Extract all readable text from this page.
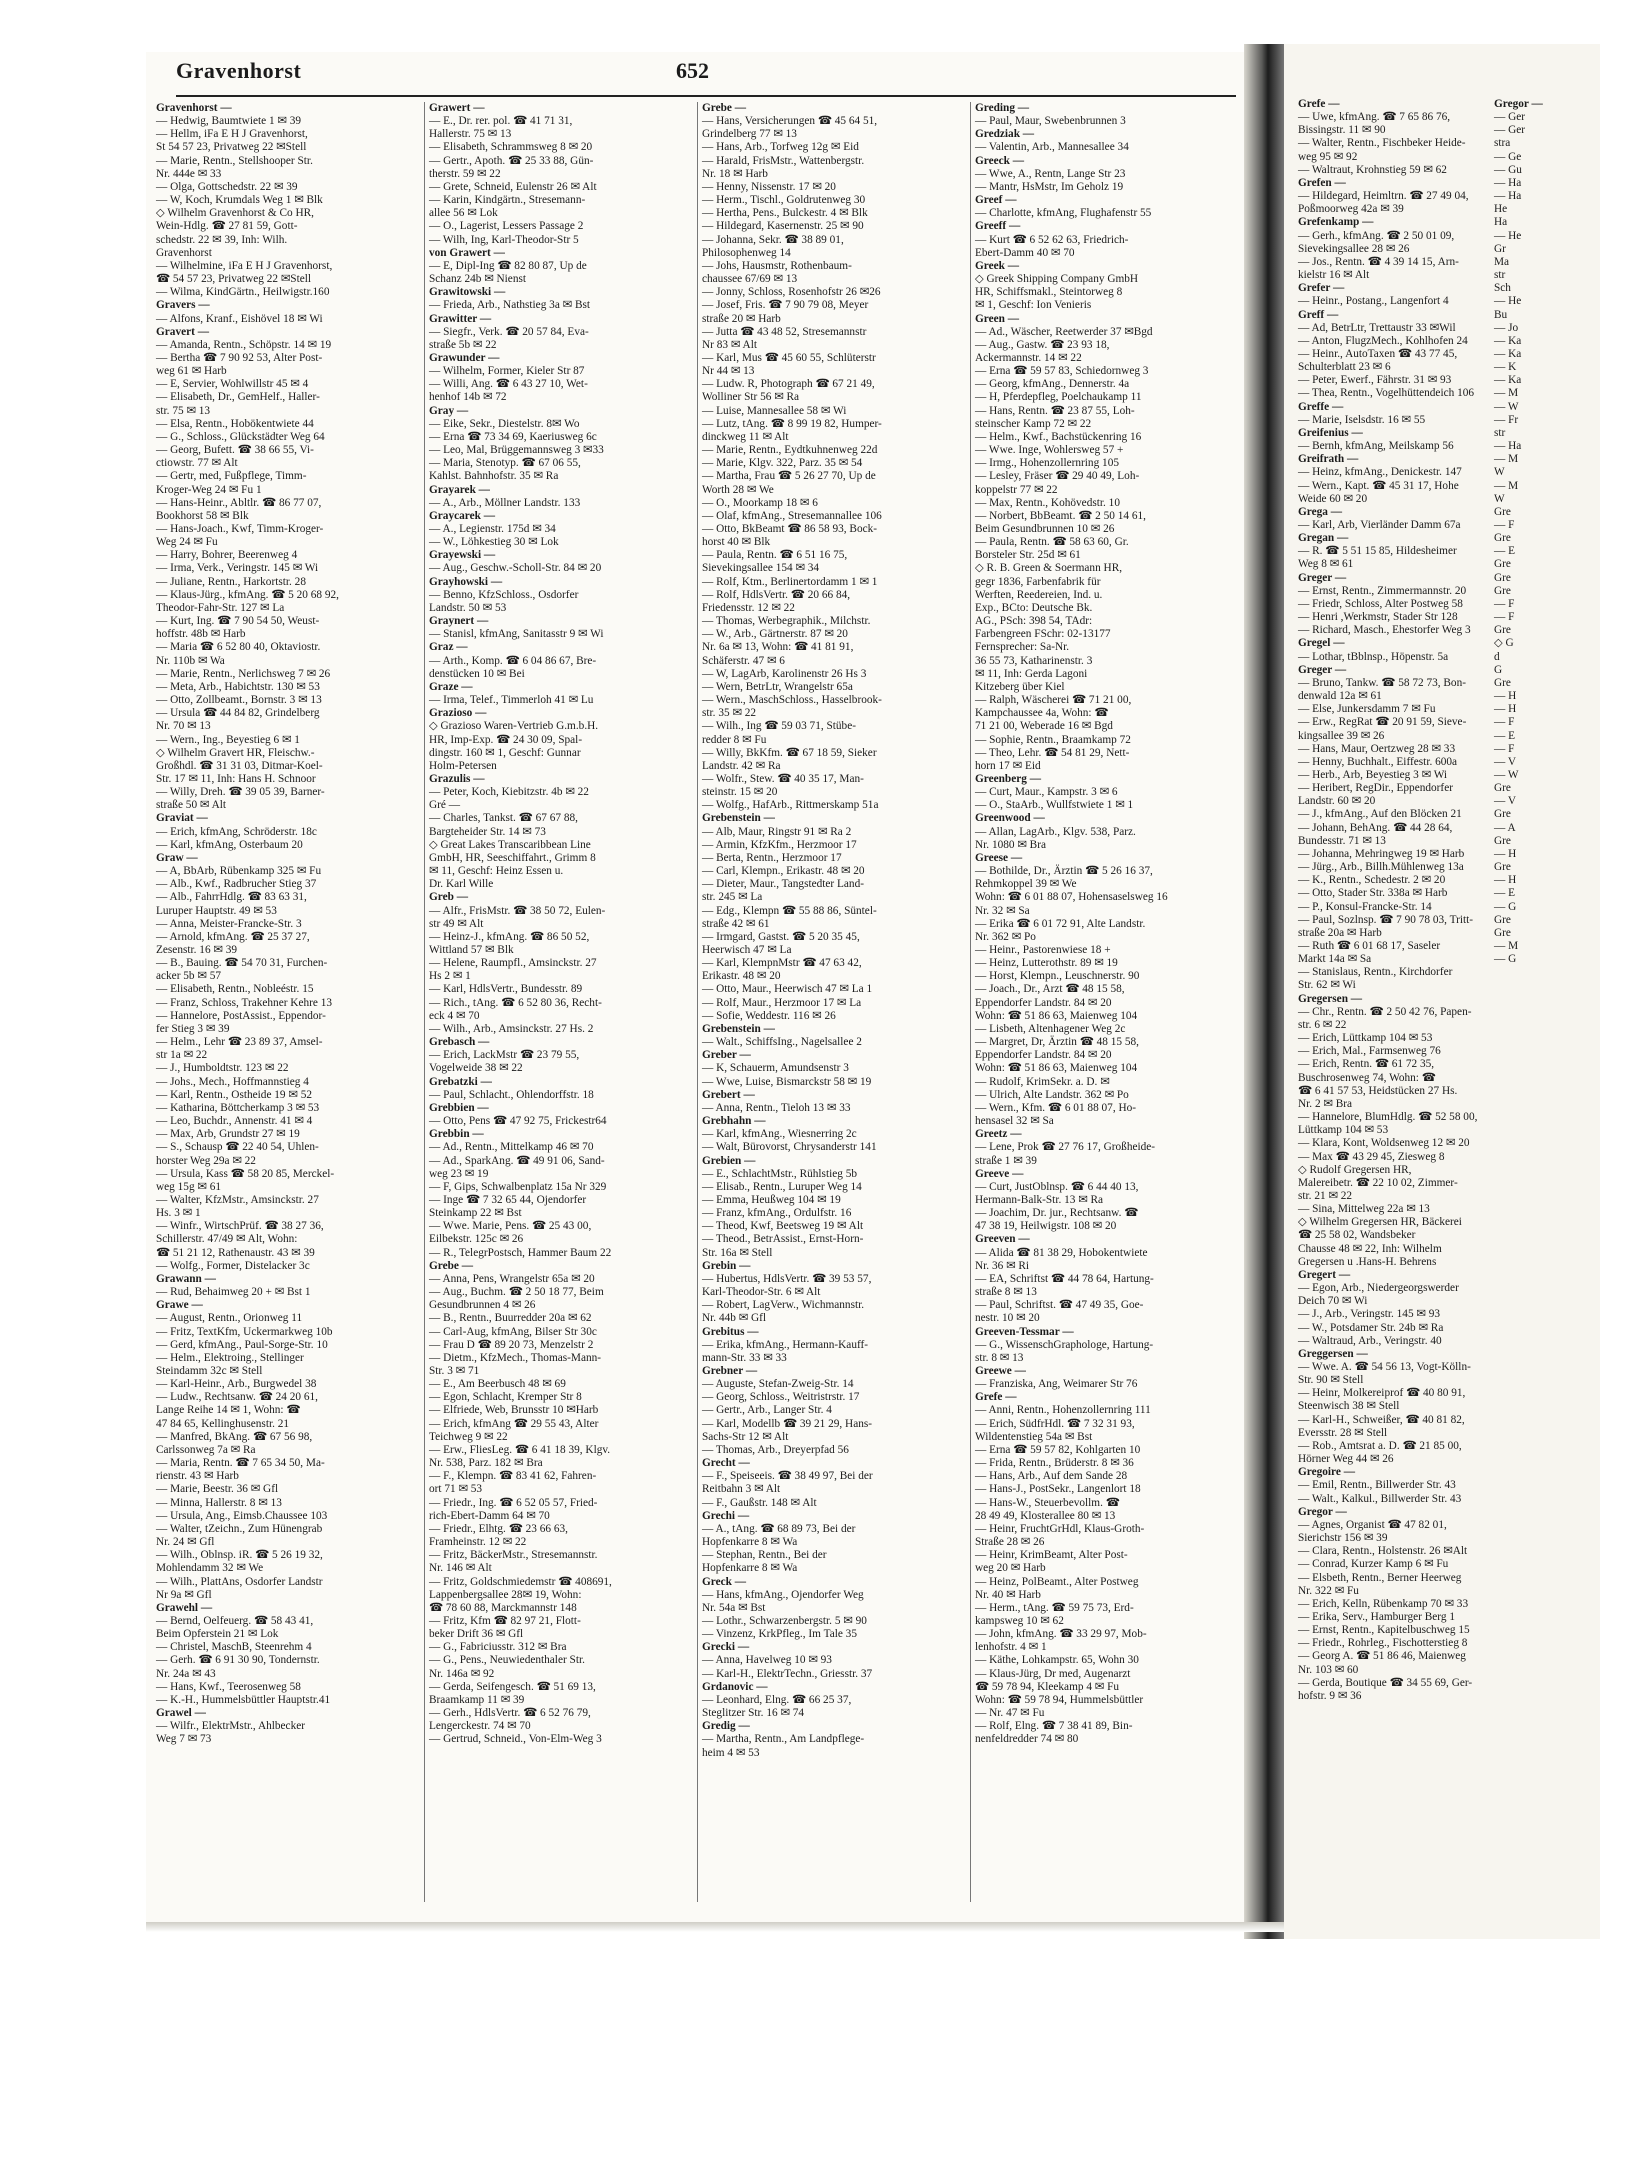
Grefe —
— Uwe, kfmAng. ☎ 7 65 86 76,
Bissingstr. 11 ✉ 90
— Walter, Rentn., Fischbeker Heide-
weg 95 ✉ 92
— Waltraut, Krohnstieg 59 ✉ 62
Grefen —
— Hildegard, Heimltrn. ☎ 27 49 04,
Poßmoorweg 42a ✉ 39
Grefenkamp —
— Gerh., kfmAng. ☎ 2 50 01 09,
Sievekingsallee 28 ✉ 26
— Jos., Rentn. ☎ 4 39 14 15, Arn-
kielstr 16 ✉ Alt
Grefer —
— Heinr., Postang., Langenfort 4
Greff —
— Ad, BetrLtr, Trettaustr 33 ✉Wil
— Anton, FlugzMech., Kohlhofen 24
— Heinr., AutoTaxen ☎ 43 77 45,
Schulterblatt 23 ✉ 6
— Peter, Ewerf., Fährstr. 31 ✉ 93
— Thea, Rentn., Vogelhüttendeich 106
Greffe —
— Marie, Iselsdstr. 16 ✉ 55
Greifenius —
— Bernh, kfmAng, Meilskamp 56
Greifrath —
— Heinz, kfmAng., Denickestr. 147
— Wern., Kapt. ☎ 45 31 17, Hohe
Weide 60 ✉ 20
Grega —
— Karl, Arb, Vierländer Damm 67a
Gregan —
— R. ☎ 5 51 15 85, Hildesheimer
Weg 8 ✉ 61
Greger —
— Ernst, Rentn., Zimmermannstr. 20
— Friedr, Schloss, Alter Postweg 58
— Henri ,Werkmstr, Stader Str 128
— Richard, Masch., Ehestorfer Weg 3
Gregel —
— Lothar, tBblnsp., Höpenstr. 5a
Greger —
— Bruno, Tankw. ☎ 58 72 73, Bon-
denwald 12a ✉ 61
— Else, Junkersdamm 7 ✉ Fu
— Erw., RegRat ☎ 20 91 59, Sieve-
kingsallee 39 ✉ 26
— Hans, Maur, Oertzweg 28 ✉ 33
— Henny, Buchhalt., Eiffestr. 600a
— Herb., Arb, Beyestieg 3 ✉ Wi
— Heribert, RegDir., Eppendorfer
Landstr. 60 ✉ 20
— J., kfmAng., Auf den Blöcken 21
— Johann, BehAng. ☎ 44 28 64,
Bundesstr. 71 ✉ 13
— Johanna, Mehringweg 19 ✉ Harb
— Jürg., Arb., Billh.Mühlenweg 13a
— K., Rentn., Schedestr. 2 ✉ 20
— Otto, Stader Str. 338a ✉ Harb
— P., Konsul-Francke-Str. 14
— Paul, Sozlnsp. ☎ 7 90 78 03, Tritt-
straße 20a ✉ Harb
— Ruth ☎ 6 01 68 17, Saseler
Markt 14a ✉ Sa
— Stanislaus, Rentn., Kirchdorfer
Str. 62 ✉ Wi
Gregersen —
— Chr., Rentn. ☎ 2 50 42 76, Papen-
str. 6 ✉ 22
— Erich, Lüttkamp 104 ✉ 53
— Erich, Mal., Farmsenweg 76
— Erich, Rentn. ☎ 61 72 35,
Buschrosenweg 74, Wohn: ☎
☎ 6 41 57 53, Heidstücken 27 Hs.
Nr. 2 ✉ Bra
— Hannelore, BlumHdlg. ☎ 52 58 00,
Lüttkamp 104 ✉ 53
— Klara, Kont, Woldsenweg 12 ✉ 20
— Max ☎ 43 29 45, Ziesweg 8
◇ Rudolf Gregersen HR,
Malereibetr. ☎ 22 10 02, Zimmer-
str. 21 ✉ 22
— Sina, Mittelweg 22a ✉ 13
◇ Wilhelm Gregersen HR, Bäckerei
☎ 25 58 02, Wandsbeker
Chausse 48 ✉ 22, Inh: Wilhelm
Gregersen u .Hans-H. Behrens
Gregert —
— Egon, Arb., Niedergeorgswerder
Deich 70 ✉ Wi
— J., Arb., Veringstr. 145 ✉ 93
— W., Potsdamer Str. 24b ✉ Ra
— Waltraud, Arb., Veringstr. 40
Greggersen —
— Wwe. A. ☎ 54 56 13, Vogt-Kölln-
Str. 90 ✉ Stell
— Heinr, Molkereiprof ☎ 40 80 91,
Steenwisch 38 ✉ Stell
— Karl-H., Schweißer, ☎ 40 81 82,
Eversstr. 28 ✉ Stell
— Rob., Amtsrat a. D. ☎ 21 85 00,
Hörner Weg 44 ✉ 26
Gregoire —
— Emil, Rentn., Billwerder Str. 43
— Walt., Kalkul., Billwerder Str. 43
Gregor —
— Agnes, Organist ☎ 47 82 01,
Sierichstr 156 ✉ 39
— Clara, Rentn., Holstenstr. 26 ✉Alt
— Conrad, Kurzer Kamp 6 ✉ Fu
— Elsbeth, Rentn., Berner Heerweg
Nr. 322 ✉ Fu
— Erich, Kelln, Rübenkamp 70 ✉ 33
— Erika, Serv., Hamburger Berg 1
— Ernst, Rentn., Kapitelbuschweg 15
— Friedr., Rohrleg., Fischotterstieg 8
— Georg A. ☎ 51 86 46, Maienweg
Nr. 103 ✉ 60
— Gerda, Boutique ☎ 34 55 69, Ger-
hofstr. 9 ✉ 36
Gregor —
— Ger
— Ger
stra
— Ge
— Gu
— Ha
— Ha
He
Ha
— He
Gr
Ma
str
Sch
— He
Bu
— Jo
— Ka
— Ka
— K
— Ka
— M
— W
— Fr
str
— Ha
— M
W
— M
W
Gre
— F
Gre
— E
Gre
Gre
Gre
— F
— F
Gre
◇ G
d
G
Gre
— H
— H
— F
— E
— F
— V
— W
Gre
— V
Gre
— A
Gre
— H
Gre
— H
— E
— G
Gre
Gre
— M
— G
Gravenhorst	652
Gravenhorst —
— Hedwig, Baumtwiete 1 ✉ 39
— Hellm, iFa E H J Gravenhorst,
St 54 57 23, Privatweg 22 ✉Stell
— Marie, Rentn., Stellshooper Str.
Nr. 444e ✉ 33
— Olga, Gottschedstr. 22 ✉ 39
— W, Koch, Krumdals Weg 1 ✉ Blk
◇ Wilhelm Gravenhorst & Co HR,
Wein-Hdlg. ☎ 27 81 59, Gott-
schedstr. 22 ✉ 39, Inh: Wilh.
Gravenhorst
— Wilhelmine, iFa E H J Gravenhorst,
☎ 54 57 23, Privatweg 22 ✉Stell
— Wilma, KindGärtn., Heilwigstr.160
Gravers —
— Alfons, Kranf., Eishövel 18 ✉ Wi
Gravert —
— Amanda, Rentn., Schöpstr. 14 ✉ 19
— Bertha ☎ 7 90 92 53, Alter Post-
weg 61 ✉ Harb
— E, Servier, Wohlwillstr 45 ✉ 4
— Elisabeth, Dr., GemHelf., Haller-
str. 75 ✉ 13
— Elsa, Rentn., Hobökentwiete 44
— G., Schloss., Glückstädter Weg 64
— Georg, Bufett. ☎ 38 66 55, Vi-
ctiowstr. 77 ✉ Alt
— Gertr, med, Fußpflege, Timm-
Kroger-Weg 24 ✉ Fu 1
— Hans-Heinr., Abltlr. ☎ 86 77 07,
Bookhorst 58 ✉ Blk
— Hans-Joach., Kwf, Timm-Kroger-
Weg 24 ✉ Fu
— Harry, Bohrer, Beerenweg 4
— Irma, Verk., Veringstr. 145 ✉ Wi
— Juliane, Rentn., Harkortstr. 28
— Klaus-Jürg., kfmAng. ☎ 5 20 68 92,
Theodor-Fahr-Str. 127 ✉ La
— Kurt, Ing. ☎ 7 90 54 50, Weust-
hoffstr. 48b ✉ Harb
— Maria ☎ 6 52 80 40, Oktaviostr.
Nr. 110b ✉ Wa
— Marie, Rentn., Nerlichsweg 7 ✉ 26
— Meta, Arb., Habichtstr. 130 ✉ 53
— Otto, Zollbeamt., Bornstr. 3 ✉ 13
— Ursula ☎ 44 84 82, Grindelberg
Nr. 70 ✉ 13
— Wern., Ing., Beyestieg 6 ✉ 1
◇ Wilhelm Gravert HR, Fleischw.-
Großhdl. ☎ 31 31 03, Ditmar-Koel-
Str. 17 ✉ 11, Inh: Hans H. Schnoor
— Willy, Dreh. ☎ 39 05 39, Barner-
straße 50 ✉ Alt
Graviat —
— Erich, kfmAng, Schröderstr. 18c
— Karl, kfmAng, Osterbaum 20
Graw —
— A, BbArb, Rübenkamp 325 ✉ Fu
— Alb., Kwf., Radbrucher Stieg 37
— Alb., FahrrHdlg. ☎ 83 63 31,
Luruper Hauptstr. 49 ✉ 53
— Anna, Meister-Francke-Str. 3
— Arnold, kfmAng. ☎ 25 37 27,
Zesenstr. 16 ✉ 39
— B., Bauing. ☎ 54 70 31, Furchen-
acker 5b ✉ 57
— Elisabeth, Rentn., Nobleéstr. 15
— Franz, Schloss, Trakehner Kehre 13
— Hannelore, PostAssist., Eppendor-
fer Stieg 3 ✉ 39
— Helm., Lehr ☎ 23 89 37, Amsel-
str 1a ✉ 22
— J., Humboldtstr. 123 ✉ 22
— Johs., Mech., Hoffmannstieg 4
— Karl, Rentn., Ostheide 19 ✉ 52
— Katharina, Böttcherkamp 3 ✉ 53
— Leo, Buchdr., Annenstr. 41 ✉ 4
— Max, Arb, Grundstr 27 ✉ 19
— S., Schausp ☎ 22 40 54, Uhlen-
horster Weg 29a ✉ 22
— Ursula, Kass ☎ 58 20 85, Merckel-
weg 15g ✉ 61
— Walter, KfzMstr., Amsinckstr. 27
Hs. 3 ✉ 1
— Winfr., WirtschPrüf. ☎ 38 27 36,
Schillerstr. 47/49 ✉ Alt, Wohn:
☎ 51 21 12, Rathenaustr. 43 ✉ 39
— Wolfg., Former, Distelacker 3c
Grawann —
— Rud, Behaimweg 20 + ✉ Bst 1
Grawe —
— August, Rentn., Orionweg 11
— Fritz, TextKfm, Uckermarkweg 10b
— Gerd, kfmAng., Paul-Sorge-Str. 10
— Helm., Elektroing., Stellinger
Steindamm 32c ✉ Stell
— Karl-Heinr., Arb., Burgwedel 38
— Ludw., Rechtsanw. ☎ 24 20 61,
Lange Reihe 14 ✉ 1, Wohn: ☎
47 84 65, Kellinghusenstr. 21
— Manfred, BkAng. ☎ 67 56 98,
Carlssonweg 7a ✉ Ra
— Maria, Rentn. ☎ 7 65 34 50, Ma-
rienstr. 43 ✉ Harb
— Marie, Beestr. 36 ✉ Gfl
— Minna, Hallerstr. 8 ✉ 13
— Ursula, Ang., Eimsb.Chaussee 103
— Walter, tZeichn., Zum Hünengrab
Nr. 24 ✉ Gfl
— Wilh., Oblnsp. iR. ☎ 5 26 19 32,
Mohlendamm 32 ✉ We
— Wilh., PlattAns, Osdorfer Landstr
Nr 9a ✉ Gfl
Grawehl —
— Bernd, Oelfeuerg. ☎ 58 43 41,
Beim Opferstein 21 ✉ Lok
— Christel, MaschB, Steenrehm 4
— Gerh. ☎ 6 91 30 90, Tondernstr.
Nr. 24a ✉ 43
— Hans, Kwf., Teerosenweg 58
— K.-H., Hummelsbüttler Hauptstr.41
Grawel —
— Wilfr., ElektrMstr., Ahlbecker
Weg 7 ✉ 73
Grawert —
— E., Dr. rer. pol. ☎ 41 71 31,
Hallerstr. 75 ✉ 13
— Elisabeth, Schrammsweg 8 ✉ 20
— Gertr., Apoth. ☎ 25 33 88, Gün-
therstr. 59 ✉ 22
— Grete, Schneid, Eulenstr 26 ✉ Alt
— Karin, Kindgärtn., Stresemann-
allee 56 ✉ Lok
— O., Lagerist, Lessers Passage 2
— Wilh, Ing, Karl-Theodor-Str 5
von Grawert —
— E, Dipl-Ing ☎ 82 80 87, Up de
Schanz 24b ✉ Nienst
Grawitowski —
— Frieda, Arb., Nathstieg 3a ✉ Bst
Grawitter —
— Siegfr., Verk. ☎ 20 57 84, Eva-
straße 5b ✉ 22
Grawunder —
— Wilhelm, Former, Kieler Str 87
— Willi, Ang. ☎ 6 43 27 10, Wet-
henhof 14b ✉ 72
Gray —
— Eike, Sekr., Diestelstr. 8✉ Wo
— Erna ☎ 73 34 69, Kaeriusweg 6c
— Leo, Mal, Brüggemannsweg 3 ✉33
— Maria, Stenotyp. ☎ 67 06 55,
Kahlst. Bahnhofstr. 35 ✉ Ra
Grayarek —
— A., Arb., Möllner Landstr. 133
Graycarek —
— A., Legienstr. 175d ✉ 34
— W., Löhkestieg 30 ✉ Lok
Grayewski —
— Aug., Geschw.-Scholl-Str. 84 ✉ 20
Grayhowski —
— Benno, KfzSchloss., Osdorfer
Landstr. 50 ✉ 53
Graynert —
— Stanisl, kfmAng, Sanitasstr 9 ✉ Wi
Graz —
— Arth., Komp. ☎ 6 04 86 67, Bre-
denstücken 10 ✉ Bei
Graze —
— Irma, Telef., Timmerloh 41 ✉ Lu
Grazioso —
◇ Grazioso Waren-Vertrieb G.m.b.H.
HR, Imp-Exp. ☎ 24 30 09, Spal-
dingstr. 160 ✉ 1, Geschf: Gunnar
Holm-Petersen
Grazulis —
— Peter, Koch, Kiebitzstr. 4b ✉ 22
Gré —
— Charles, Tankst. ☎ 67 67 88,
Bargteheider Str. 14 ✉ 73
◇ Great Lakes Transcaribbean Line
GmbH, HR, Seeschiffahrt., Grimm 8
✉ 11, Geschf: Heinz Essen u.
Dr. Karl Wille
Greb —
— Alfr., FrisMstr. ☎ 38 50 72, Eulen-
str 49 ✉ Alt
— Heinz-J., kfmAng. ☎ 86 50 52,
Wittland 57 ✉ Blk
— Helene, Raumpfl., Amsinckstr. 27
Hs 2 ✉ 1
— Karl, HdlsVertr., Bundesstr. 89
— Rich., tAng. ☎ 6 52 80 36, Recht-
eck 4 ✉ 70
— Wilh., Arb., Amsinckstr. 27 Hs. 2
Grebasch —
— Erich, LackMstr ☎ 23 79 55,
Vogelweide 38 ✉ 22
Grebatzki —
— Paul, Schlacht., Ohlendorffstr. 18
Grebbien —
— Otto, Pens ☎ 47 92 75, Frickestr64
Grebbin —
— Ad., Rentn., Mittelkamp 46 ✉ 70
— Ad., SparkAng. ☎ 49 91 06, Sand-
weg 23 ✉ 19
— F, Gips, Schwalbenplatz 15a Nr 329
— Inge ☎ 7 32 65 44, Ojendorfer
Steinkamp 22 ✉ Bst
— Wwe. Marie, Pens. ☎ 25 43 00,
Eilbekstr. 125c ✉ 26
— R., TelegrPostsch, Hammer Baum 22
Grebe —
— Anna, Pens, Wrangelstr 65a ✉ 20
— Aug., Buchm. ☎ 2 50 18 77, Beim
Gesundbrunnen 4 ✉ 26
— B., Rentn., Buurredder 20a ✉ 62
— Carl-Aug, kfmAng, Bilser Str 30c
— Frau D ☎ 89 20 73, Menzelstr 2
— Dietm., KfzMech., Thomas-Mann-
Str. 3 ✉ 71
— E., Am Beerbusch 48 ✉ 69
— Egon, Schlacht, Kremper Str 8
— Elfriede, Web, Brunsstr 10 ✉Harb
— Erich, kfmAng ☎ 29 55 43, Alter
Teichweg 9 ✉ 22
— Erw., FliesLeg. ☎ 6 41 18 39, Klgv.
Nr. 538, Parz. 182 ✉ Bra
— F., Klempn. ☎ 83 41 62, Fahren-
ort 71 ✉ 53
— Friedr., Ing. ☎ 6 52 05 57, Fried-
rich-Ebert-Damm 64 ✉ 70
— Friedr., Elhtg. ☎ 23 66 63,
Framheinstr. 12 ✉ 22
— Fritz, BäckerMstr., Stresemannstr.
Nr. 146 ✉ Alt
— Fritz, Goldschmiedemstr ☎ 408691,
Lappenbergsallee 28✉ 19, Wohn:
☎ 78 60 88, Marckmannstr 148
— Fritz, Kfm ☎ 82 97 21, Flott-
beker Drift 36 ✉ Gfl
— G., Fabriciusstr. 312 ✉ Bra
— G., Pens., Neuwiedenthaler Str.
Nr. 146a ✉ 92
— Gerda, Seifengesch. ☎ 51 69 13,
Braamkamp 11 ✉ 39
— Gerh., HdlsVertr. ☎ 6 52 76 79,
Lengerckestr. 74 ✉ 70
— Gertrud, Schneid., Von-Elm-Weg 3
Grebe —
— Hans, Versicherungen ☎ 45 64 51,
Grindelberg 77 ✉ 13
— Hans, Arb., Torfweg 12g ✉ Eid
— Harald, FrisMstr., Wattenbergstr.
Nr. 18 ✉ Harb
— Henny, Nissenstr. 17 ✉ 20
— Herm., Tischl., Goldrutenweg 30
— Hertha, Pens., Bulckestr. 4 ✉ Blk
— Hildegard, Kasernenstr. 25 ✉ 90
— Johanna, Sekr. ☎ 38 89 01,
Philosophenweg 14
— Johs, Hausmstr, Rothenbaum-
chaussee 67/69 ✉ 13
— Jonny, Schloss, Rosenhofstr 26 ✉26
— Josef, Fris. ☎ 7 90 79 08, Meyer
straße 20 ✉ Harb
— Jutta ☎ 43 48 52, Stresemannstr
Nr 83 ✉ Alt
— Karl, Mus ☎ 45 60 55, Schlüterstr
Nr 44 ✉ 13
— Ludw. R, Photograph ☎ 67 21 49,
Wolliner Str 56 ✉ Ra
— Luise, Mannesallee 58 ✉ Wi
— Lutz, tAng. ☎ 8 99 19 82, Humper-
dinckweg 11 ✉ Alt
— Marie, Rentn., Eydtkuhnenweg 22d
— Marie, Klgv. 322, Parz. 35 ✉ 54
— Martha, Frau ☎ 5 26 27 70, Up de
Worth 28 ✉ We
— O., Moorkamp 18 ✉ 6
— Olaf, kfmAng., Stresemannallee 106
— Otto, BkBeamt ☎ 86 58 93, Bock-
horst 40 ✉ Blk
— Paula, Rentn. ☎ 6 51 16 75,
Sievekingsallee 154 ✉ 34
— Rolf, Ktm., Berlinertordamm 1 ✉ 1
— Rolf, HdlsVertr. ☎ 20 66 84,
Friedensstr. 12 ✉ 22
— Thomas, Werbegraphik., Milchstr.
— W., Arb., Gärtnerstr. 87 ✉ 20
Nr. 6a ✉ 13, Wohn: ☎ 41 81 91,
Schäferstr. 47 ✉ 6
— W, LagArb, Karolinenstr 26 Hs 3
— Wern, BetrLtr, Wrangelstr 65a
— Wern., MaschSchloss., Hasselbrook-
str. 35 ✉ 22
— Wilh., Ing ☎ 59 03 71, Stübe-
redder 8 ✉ Fu
— Willy, BkKfm. ☎ 67 18 59, Sieker
Landstr. 42 ✉ Ra
— Wolfr., Stew. ☎ 40 35 17, Man-
steinstr. 15 ✉ 20
— Wolfg., HafArb., Rittmerskamp 51a
Grebenstein —
— Alb, Maur, Ringstr 91 ✉ Ra 2
— Armin, KfzKfm., Herzmoor 17
— Berta, Rentn., Herzmoor 17
— Carl, Klempn., Erikastr. 48 ✉ 20
— Dieter, Maur., Tangstedter Land-
str. 245 ✉ La
— Edg., Klempn ☎ 55 88 86, Süntel-
straße 42 ✉ 61
— Irmgard, Gastst. ☎ 5 20 35 45,
Heerwisch 47 ✉ La
— Karl, KlempnMstr ☎ 47 63 42,
Erikastr. 48 ✉ 20
— Otto, Maur., Heerwisch 47 ✉ La 1
— Rolf, Maur., Herzmoor 17 ✉ La
— Sofie, Weddestr. 116 ✉ 26
Grebenstein —
— Walt., SchiffsIng., Nagelsallee 2
Greber —
— K, Schauerm, Amundsenstr 3
— Wwe, Luise, Bismarckstr 58 ✉ 19
Grebert —
— Anna, Rentn., Tieloh 13 ✉ 33
Grebhahn —
— Karl, kfmAng., Wiesnerring 2c
— Walt, Bürovorst, Chrysanderstr 141
Grebien —
— E., SchlachtMstr., Rühlstieg 5b
— Elisab., Rentn., Luruper Weg 14
— Emma, Heußweg 104 ✉ 19
— Franz, kfmAng., Ordulfstr. 16
— Theod, Kwf, Beetsweg 19 ✉ Alt
— Theod., BetrAssist., Ernst-Horn-
Str. 16a ✉ Stell
Grebin —
— Hubertus, HdlsVertr. ☎ 39 53 57,
Karl-Theodor-Str. 6 ✉ Alt
— Robert, LagVerw., Wichmannstr.
Nr. 44b ✉ Gfl
Grebitus —
— Erika, kfmAng., Hermann-Kauff-
mann-Str. 33 ✉ 33
Grebner —
— Auguste, Stefan-Zweig-Str. 14
— Georg, Schloss., Weitristrstr. 17
— Gertr., Arb., Langer Str. 4
— Karl, Modellb ☎ 39 21 29, Hans-
Sachs-Str 12 ✉ Alt
— Thomas, Arb., Dreyerpfad 56
Grecht —
— F., Speiseeis. ☎ 38 49 97, Bei der
Reitbahn 3 ✉ Alt
— F., Gaußstr. 148 ✉ Alt
Grechi —
— A., tAng. ☎ 68 89 73, Bei der
Hopfenkarre 8 ✉ Wa
— Stephan, Rentn., Bei der
Hopfenkarre 8 ✉ Wa
Greck —
— Hans, kfmAng., Ojendorfer Weg
Nr. 54a ✉ Bst
— Lothr., Schwarzenbergstr. 5 ✉ 90
— Vinzenz, KrkPfleg., Im Tale 35
Grecki —
— Anna, Havelweg 10 ✉ 93
— Karl-H., ElektrTechn., Griesstr. 37
Grdanovic —
— Leonhard, Elng. ☎ 66 25 37,
Steglitzer Str. 16 ✉ 74
Gredig —
— Martha, Rentn., Am Landpflege-
heim 4 ✉ 53
Greding —
— Paul, Maur, Swebenbrunnen 3
Gredziak —
— Valentin, Arb., Mannesallee 34
Greeck —
— Wwe, A., Rentn, Lange Str 23
— Mantr, HsMstr, Im Geholz 19
Greef —
— Charlotte, kfmAng, Flughafenstr 55
Greeff —
— Kurt ☎ 6 52 62 63, Friedrich-
Ebert-Damm 40 ✉ 70
Greek —
◇ Greek Shipping Company GmbH
HR, Schiffsmakl., Steintorweg 8
✉ 1, Geschf: Ion Venieris
Green —
— Ad., Wäscher, Reetwerder 37 ✉Bgd
— Aug., Gastw. ☎ 23 93 18,
Ackermannstr. 14 ✉ 22
— Erna ☎ 59 57 83, Schiedornweg 3
— Georg, kfmAng., Dennerstr. 4a
— H, Pferdepfleg, Poelchaukamp 11
— Hans, Rentn. ☎ 23 87 55, Loh-
steinscher Kamp 72 ✉ 22
— Helm., Kwf., Bachstückenring 16
— Wwe. Inge, Wohlersweg 57 +
— Irmg., Hohenzollernring 105
— Lesley, Fräser ☎ 29 40 49, Loh-
koppelstr 77 ✉ 22
— Max, Rentn., Kohövedstr. 10
— Norbert, BbBeamt. ☎ 2 50 14 61,
Beim Gesundbrunnen 10 ✉ 26
— Paula, Rentn. ☎ 58 63 60, Gr.
Borsteler Str. 25d ✉ 61
◇ R. B. Green & Soermann HR,
gegr 1836, Farbenfabrik für
Werften, Reedereien, Ind. u.
Exp., BCto: Deutsche Bk.
AG., PSch: 398 54, TAdr:
Farbengreen FSchr: 02-13177
Fernsprecher: Sa-Nr.
36 55 73, Katharinenstr. 3
✉ 11, Inh: Gerda Lagoni
Kitzeberg über Kiel
— Ralph, Wäscherei ☎ 71 21 00,
Kampchaussee 4a, Wohn: ☎
71 21 00, Weberade 16 ✉ Bgd
— Sophie, Rentn., Braamkamp 72
— Theo, Lehr. ☎ 54 81 29, Nett-
horn 17 ✉ Eid
Greenberg —
— Curt, Maur., Kampstr. 3 ✉ 6
— O., StaArb., Wullfstwiete 1 ✉ 1
Greenwood —
— Allan, LagArb., Klgv. 538, Parz.
Nr. 1080 ✉ Bra
Greese —
— Bothilde, Dr., Ärztin ☎ 5 26 16 37,
Rehmkoppel 39 ✉ We
Wohn: ☎ 6 01 88 07, Hohensaselsweg 16
Nr. 32 ✉ Sa
— Erika ☎ 6 01 72 91, Alte Landstr.
Nr. 362 ✉ Po
— Heinr., Pastorenwiese 18 +
— Heinz, Lutterothstr. 89 ✉ 19
— Horst, Klempn., Leuschnerstr. 90
— Joach., Dr., Arzt ☎ 48 15 58,
Eppendorfer Landstr. 84 ✉ 20
Wohn: ☎ 51 86 63, Maienweg 104
— Lisbeth, Altenhagener Weg 2c
— Margret, Dr, Ärztin ☎ 48 15 58,
Eppendorfer Landstr. 84 ✉ 20
Wohn: ☎ 51 86 63, Maienweg 104
— Rudolf, KrimSekr. a. D. ✉
— Ulrich, Alte Landstr. 362 ✉ Po
— Wern., Kfm. ☎ 6 01 88 07, Ho-
hensasel 32 ✉ Sa
Greetz —
— Lene, Prok ☎ 27 76 17, Großheide-
straße 1 ✉ 39
Greeve —
— Curt, JustOblnsp. ☎ 6 44 40 13,
Hermann-Balk-Str. 13 ✉ Ra
— Joachim, Dr. jur., Rechtsanw. ☎
47 38 19, Heilwigstr. 108 ✉ 20
Greeven —
— Alida ☎ 81 38 29, Hobokentwiete
Nr. 36 ✉ Ri
— EA, Schriftst ☎ 44 78 64, Hartung-
straße 8 ✉ 13
— Paul, Schriftst. ☎ 47 49 35, Goe-
nestr. 10 ✉ 20
Greeven-Tessmar —
— G., WissenschGraphologe, Hartung-
str. 8 ✉ 13
Greewe —
— Franziska, Ang, Weimarer Str 76
Grefe —
— Anni, Rentn., Hohenzollernring 111
— Erich, SüdfrHdl. ☎ 7 32 31 93,
Wildentenstieg 54a ✉ Bst
— Erna ☎ 59 57 82, Kohlgarten 10
— Frida, Rentn., Brüderstr. 8 ✉ 36
— Hans, Arb., Auf dem Sande 28
— Hans-J., PostSekr., Langenlort 18
— Hans-W., Steuerbevollm. ☎
28 49 49, Klosterallee 80 ✉ 13
— Heinr, FruchtGrHdl, Klaus-Groth-
Straße 28 ✉ 26
— Heinr, KrimBeamt, Alter Post-
weg 20 ✉ Harb
— Heinz, PolBeamt., Alter Postweg
Nr. 40 ✉ Harb
— Herm., tAng. ☎ 59 75 73, Erd-
kampsweg 10 ✉ 62
— John, kfmAng. ☎ 33 29 97, Mob-
lenhofstr. 4 ✉ 1
— Käthe, Lohkampstr. 65, Wohn 30
— Klaus-Jürg, Dr med, Augenarzt
☎ 59 78 94, Kleekamp 4 ✉ Fu
Wohn: ☎ 59 78 94, Hummelsbüttler
— Nr. 47 ✉ Fu
— Rolf, Elng. ☎ 7 38 41 89, Bin-
nenfeldredder 74 ✉ 80
